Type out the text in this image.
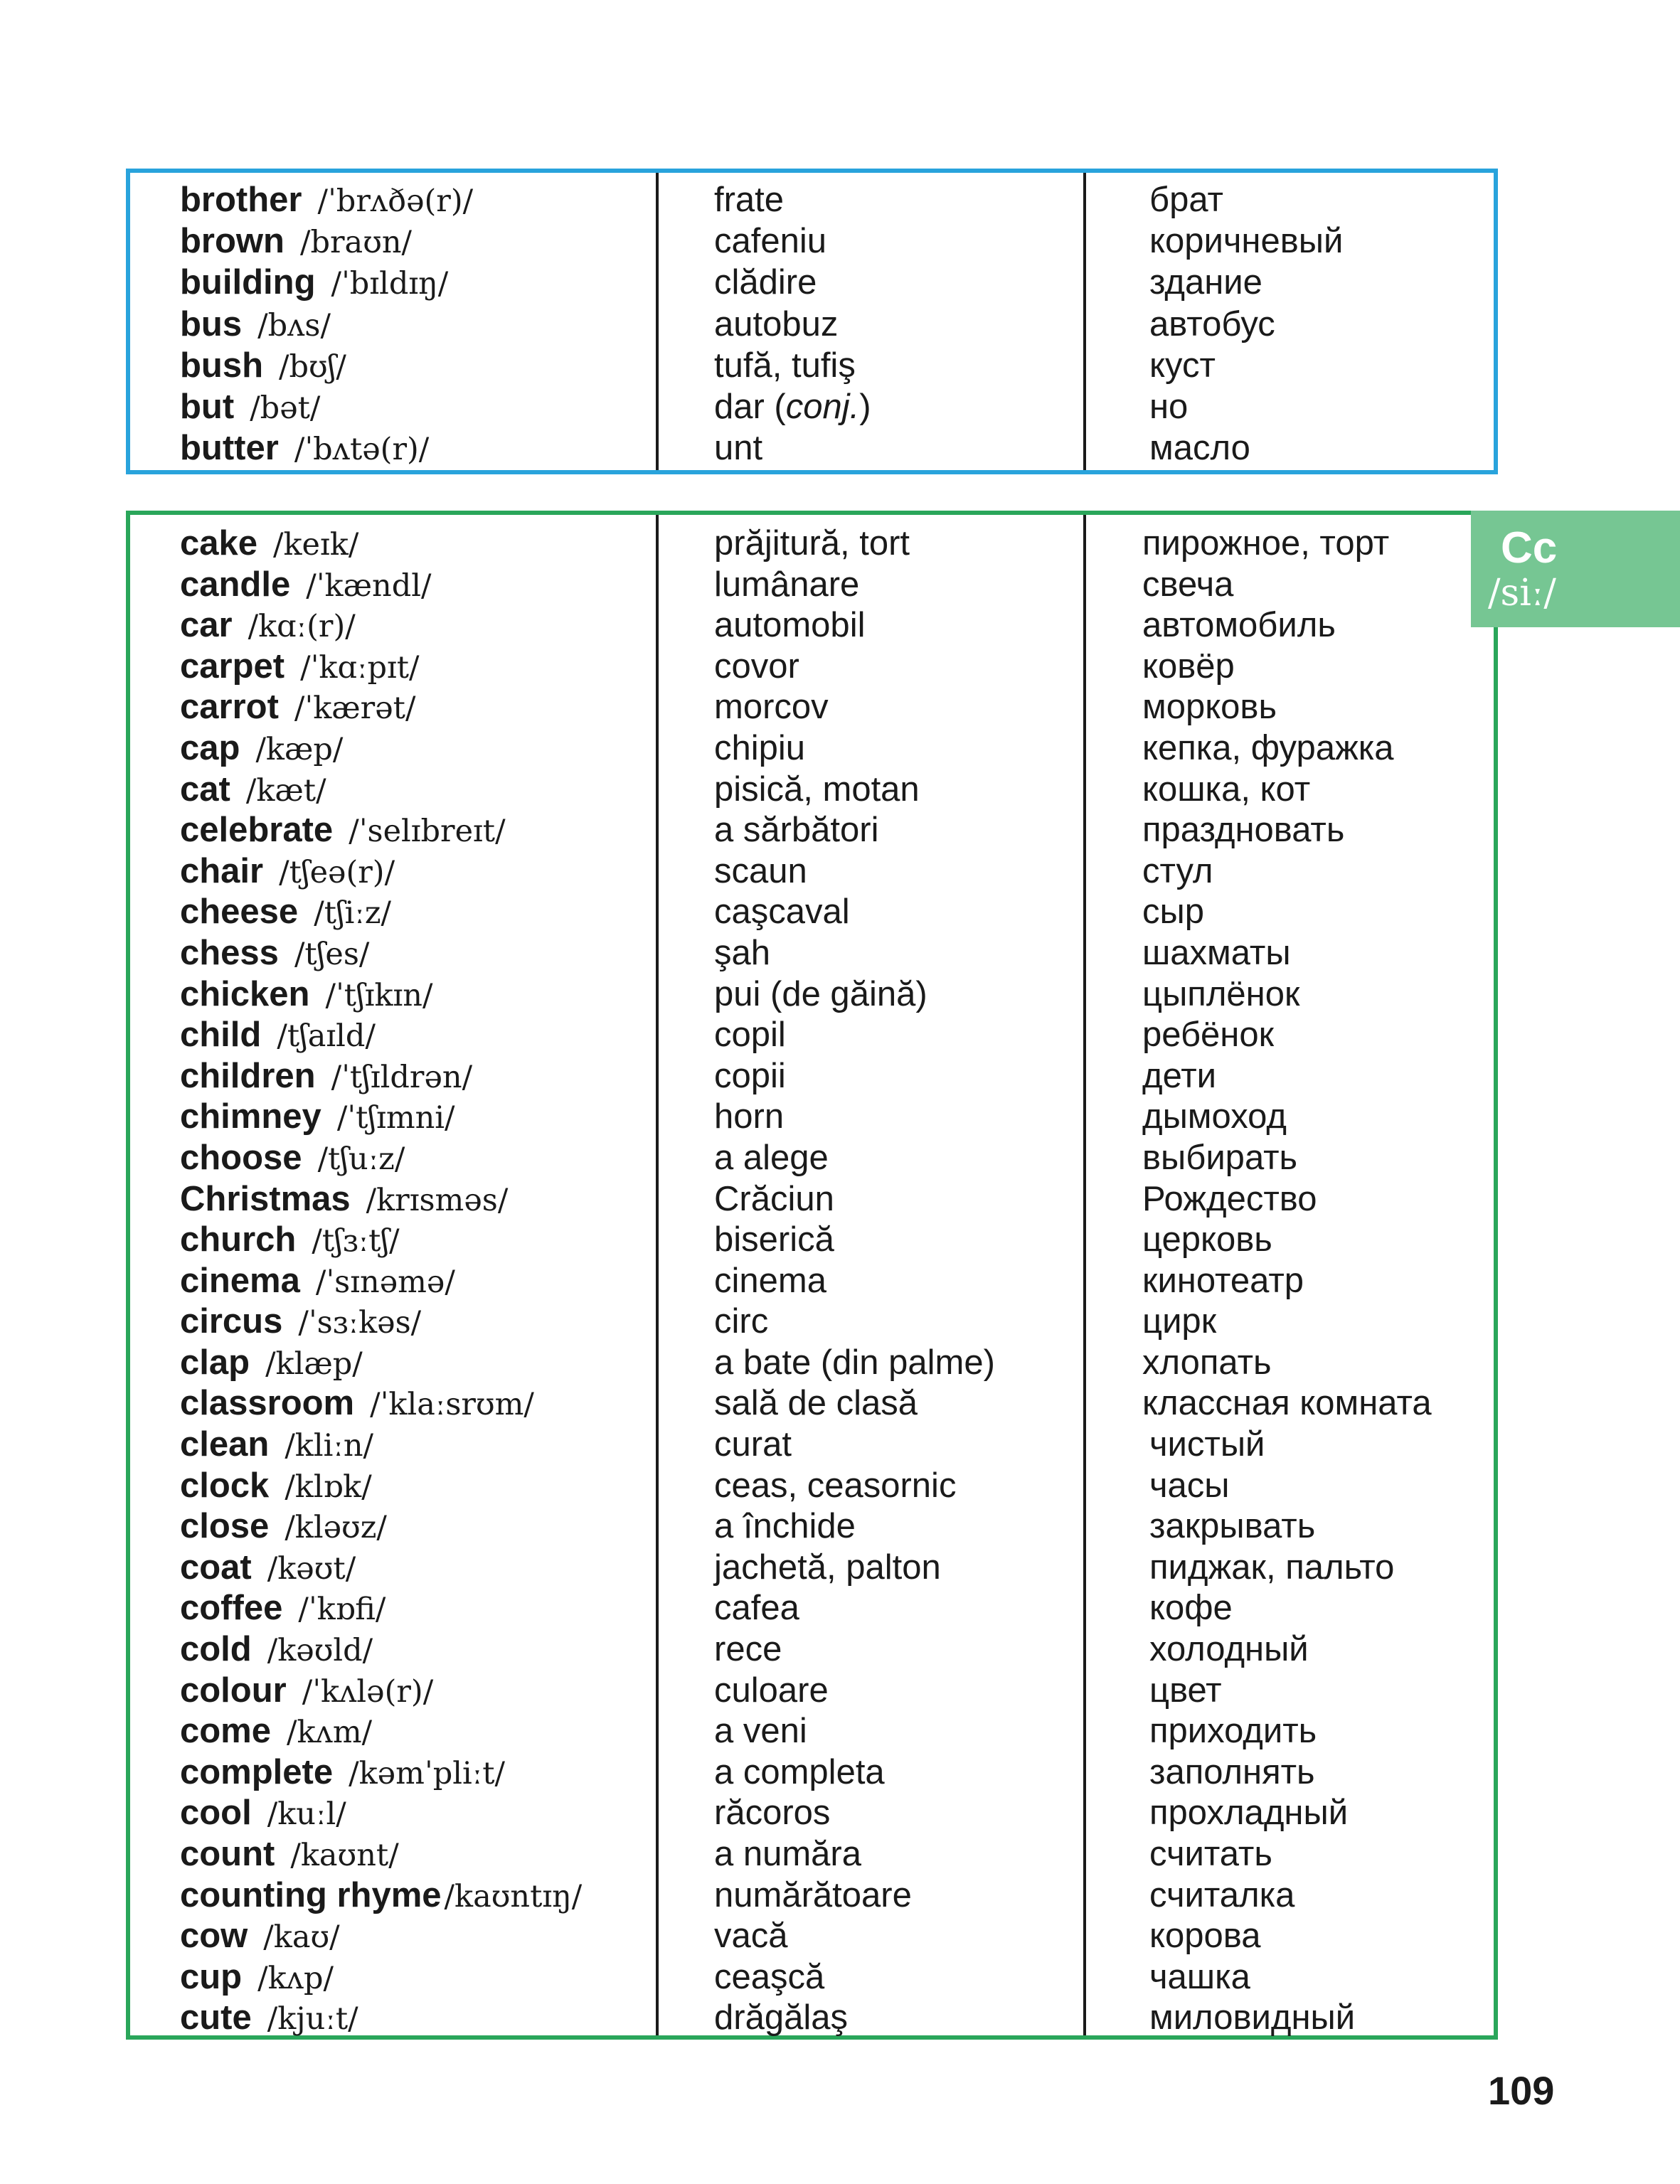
brother /ˈbrʌðə(r)/	frate	брат
brown /braʊn/	cafeniu	коричневый
building /ˈbɪldɪŋ/	clădire	здание
bus /bʌs/	autobuz	автобус
bush /bʊʃ/	tufă, tufiş	куст
but /bət/	dar (conj.)	но
butter /ˈbʌtə(r)/	unt	масло
cake /keɪk/	prăjitură, tort	пирожное, торт
candle /ˈkændl/	lumânare	свеча
car /kɑː(r)/	automobil	автомобиль
carpet /ˈkɑːpɪt/	covor	ковёр
carrot /ˈkærət/	morcov	морковь
cap /kæp/	chipiu	кепка, фуражка
cat /kæt/	pisică, motan	кошка, кот
celebrate /ˈselɪbreɪt/	a sărbători	праздновать
chair /tʃeə(r)/	scaun	стул
cheese /tʃiːz/	caşcaval	сыр
chess /tʃes/	şah	шахматы
chicken /ˈtʃɪkɪn/	pui (de găină)	цыплёнок
child /tʃaɪld/	copil	ребёнок
children /ˈtʃɪldrən/	copii	дети
chimney /ˈtʃɪmni/	horn	дымоход
choose /tʃuːz/	a alege	выбирать
Christmas /krɪsməs/	Crăciun	Рождество
church /tʃɜːtʃ/	biserică	церковь
cinema /ˈsɪnəmə/	cinema	кинотеатр
circus /ˈsɜːkəs/	circ	цирк
clap /klæp/	a bate (din palme)	хлопать
classroom /ˈklaːsrʊm/	sală de clasă	классная комната
clean /kliːn/	curat	чистый
clock /klɒk/	ceas, ceasornic	часы
close /kləʊz/	a închide	закрывать
coat /kəʊt/	jachetă, palton	пиджак, пальто
coffee /ˈkɒfi/	cafea	кофе
cold /kəʊld/	rece	холодный
colour /ˈkʌlə(r)/	culoare	цвет
come /kʌm/	a veni	приходить
complete /kəmˈpliːt/	a completa	заполнять
cool /kuːl/	răcoros	прохладный
count /kaʊnt/	a număra	считать
counting rhyme/kaʊntɪŋ/	numărătoare	считалка
cow /kaʊ/	vacă	корова
cup /kʌp/	ceaşcă	чашка
cute /kjuːt/	drăgălaş	миловидный
Cc
/siː/
109
